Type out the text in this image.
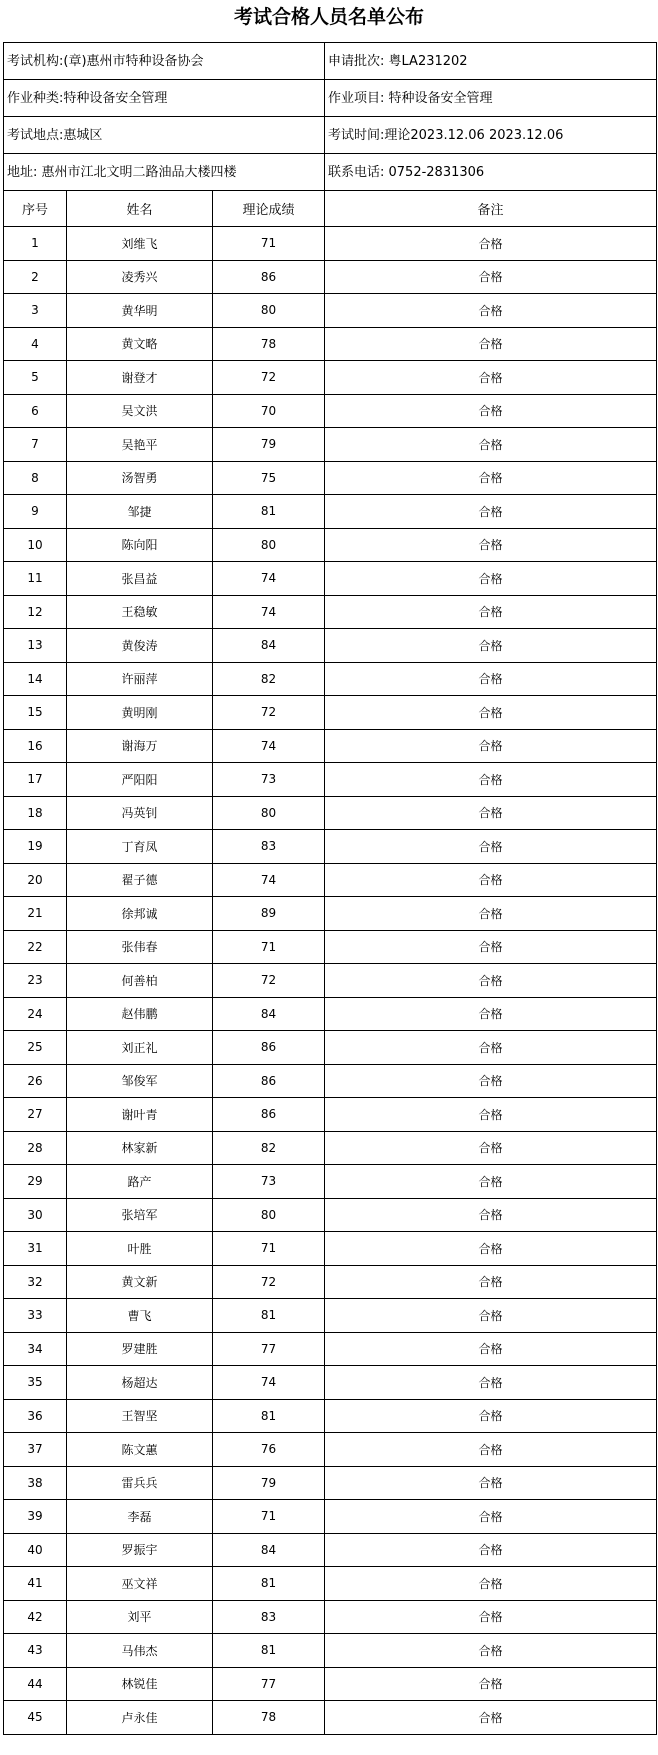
考试合格人员名单公布
考试机构:(章)惠州市特种设备协会	申请批次: 粤LA231202
作业种类:特种设备安全管理	作业项目: 特种设备安全管理
考试地点:惠城区	考试时间:理论2023.12.06 2023.12.06
地址: 惠州市江北文明二路油品大楼四楼	联系电话: 0752-2831306
序号	姓名	理论成绩	备注
1	刘维飞	71	合格
2	凌秀兴	86	合格
3	黄华明	80	合格
4	黄文略	78	合格
5	谢登才	72	合格
6	吴文洪	70	合格
7	吴艳平	79	合格
8	汤智勇	75	合格
9	邹捷	81	合格
10	陈向阳	80	合格
11	张昌益	74	合格
12	王稳敏	74	合格
13	黄俊涛	84	合格
14	许丽萍	82	合格
15	黄明刚	72	合格
16	谢海万	74	合格
17	严阳阳	73	合格
18	冯英钊	80	合格
19	丁育凤	83	合格
20	翟子德	74	合格
21	徐邦诚	89	合格
22	张伟春	71	合格
23	何善柏	72	合格
24	赵伟鹏	84	合格
25	刘正礼	86	合格
26	邹俊军	86	合格
27	谢叶青	86	合格
28	林家新	82	合格
29	路产	73	合格
30	张培军	80	合格
31	叶胜	71	合格
32	黄文新	72	合格
33	曹飞	81	合格
34	罗建胜	77	合格
35	杨超达	74	合格
36	王智坚	81	合格
37	陈文蕙	76	合格
38	雷兵兵	79	合格
39	李磊	71	合格
40	罗振宇	84	合格
41	巫文祥	81	合格
42	刘平	83	合格
43	马伟杰	81	合格
44	林锐佳	77	合格
45	卢永佳	78	合格
